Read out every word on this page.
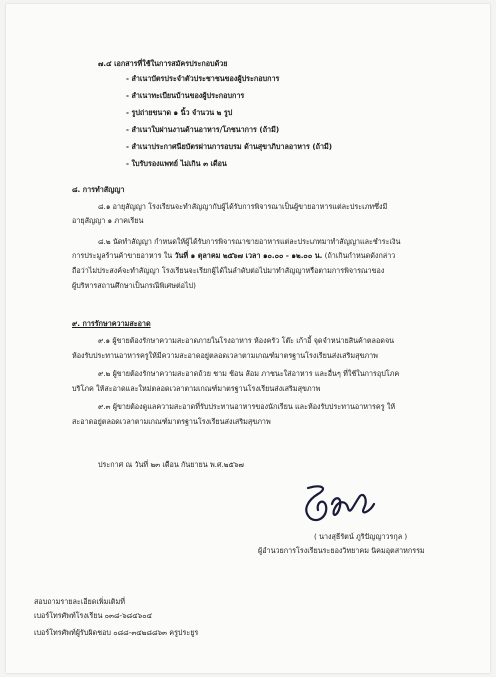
๗.๔ เอกสารที่ใช้ในการสมัครประกอบด้วย
- สำเนาบัตรประจำตัวประชาชนของผู้ประกอบการ
- สำเนาทะเบียนบ้านของผู้ประกอบการ
- รูปถ่ายขนาด ๑ นิ้ว จำนวน ๒ รูป
- สำเนาใบผ่านงานด้านอาหาร/โภชนาการ (ถ้ามี)
- สำเนาประกาศนียบัตรผ่านการอบรม ด้านสุขาภิบาลอาหาร (ถ้ามี)
- ใบรับรองแพทย์ ไม่เกิน ๓ เดือน
๘. การทำสัญญา
๘.๑ อายุสัญญา โรงเรียนจะทำสัญญากับผู้ได้รับการพิจารณาเป็นผู้ขายอาหารแต่ละประเภทซึ่งมี
อายุสัญญา ๑ ภาคเรียน
๘.๒ นัดทำสัญญา กำหนดให้ผู้ได้รับการพิจารณาขายอาหารแต่ละประเภทมาทำสัญญาและชำระเงิน
การประมูลร้านค้าขายอาหาร ใน วันที่ ๑ ตุลาคม ๒๕๖๗ เวลา ๑๐.๐๐ - ๑๒.๐๐ น. (ถ้าเกินกำหนดดังกล่าว
ถือว่าไม่ประสงค์จะทำสัญญา โรงเรียนจะเรียกผู้ได้ในลำดับต่อไปมาทำสัญญาหรือตามการพิจารณาของ
ผู้บริหารสถานศึกษาเป็นกรณีพิเศษต่อไป)
๙. การรักษาความสะอาด
๙.๑ ผู้ขายต้องรักษาความสะอาดภายในโรงอาหาร ห้องครัว โต๊ะ เก้าอี้ จุดจำหน่ายสินค้าตลอดจน
ห้องรับประทานอาหารครูให้มีความสะอาดอยู่ตลอดเวลาตามเกณฑ์มาตรฐานโรงเรียนส่งเสริมสุขภาพ
๙.๒ ผู้ขายต้องรักษาความสะอาดถ้วย ชาม ช้อน ส้อม ภาชนะใส่อาหาร และอื่นๆ ที่ใช้ในการอุปโภค
บริโภค ให้สะอาดและใหม่ตลอดเวลาตามเกณฑ์มาตรฐานโรงเรียนส่งเสริมสุขภาพ
๙.๓ ผู้ขายต้องดูแลความสะอาดที่รับประทานอาหารของนักเรียน และห้องรับประทานอาหารครู ให้
สะอาดอยู่ตลอดเวลาตามเกณฑ์มาตรฐานโรงเรียนส่งเสริมสุขภาพ
ประกาศ ณ วันที่ ๒๓ เดือน กันยายน พ.ศ.๒๕๖๗
( นางสุธีรัตน์ ภูริปัญญาวรกุล )
ผู้อำนวยการโรงเรียนระยองวิทยาคม นิคมอุตสาหกรรม
สอบถามรายละเอียดเพิ่มเติมที่
เบอร์โทรศัพท์โรงเรียน ๐๓๘-๖๘๔๖๐๔
เบอร์โทรศัพท์ผู้รับผิดชอบ ๐๘๘-๓๔๒๘๘๖๓ ครูประยูร
